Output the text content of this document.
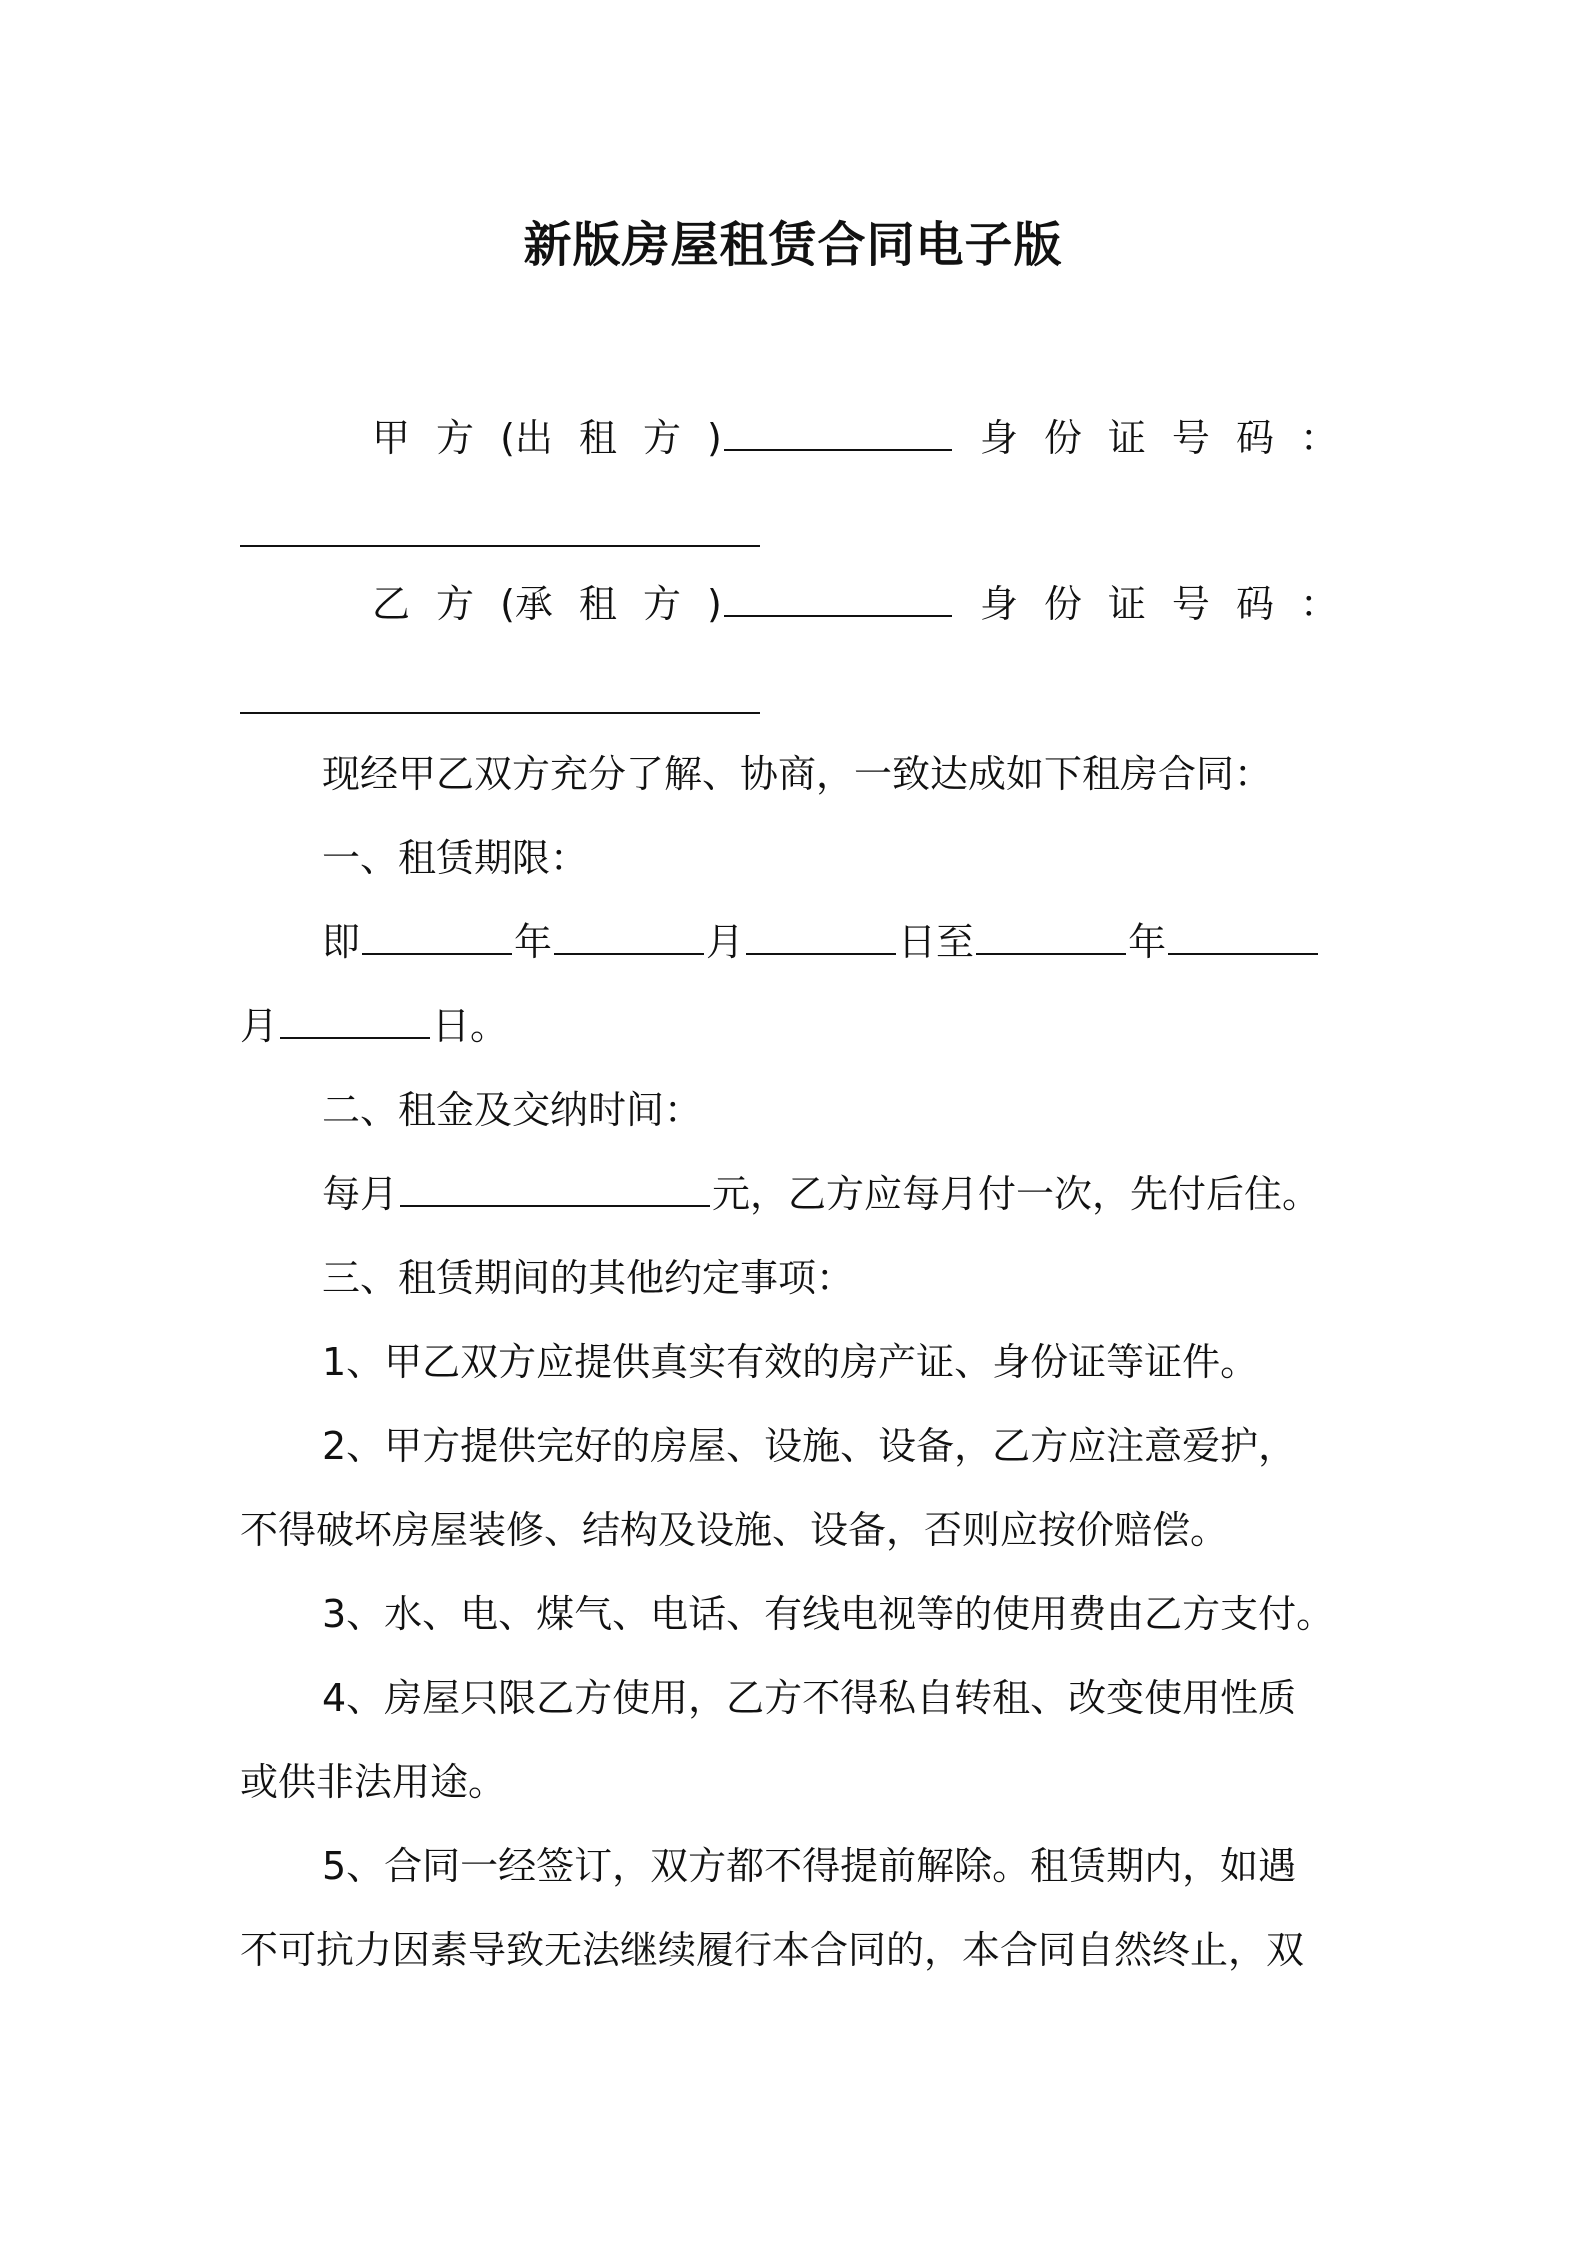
新版房屋租赁合同电子版
甲 方 (出 租 方 )	身 份 证 号 码 ：
乙 方 (承 租 方 )	身 份 证 号 码 ：
现经甲乙双方充分了解、协商，一致达成如下租房合同：
一、租赁期限：
即	年	月	日至	年
月	日。
二、租金及交纳时间：
每月	元，乙方应每月付一次，先付后住。
三、租赁期间的其他约定事项：
1、甲乙双方应提供真实有效的房产证、身份证等证件。
2、甲方提供完好的房屋、设施、设备，乙方应注意爱护，
不得破坏房屋装修、结构及设施、设备，否则应按价赔偿。
3、水、电、煤气、电话、有线电视等的使用费由乙方支付。
4、房屋只限乙方使用，乙方不得私自转租、改变使用性质
或供非法用途。
5、合同一经签订，双方都不得提前解除。租赁期内，如遇
不可抗力因素导致无法继续履行本合同的，本合同自然终止，双
